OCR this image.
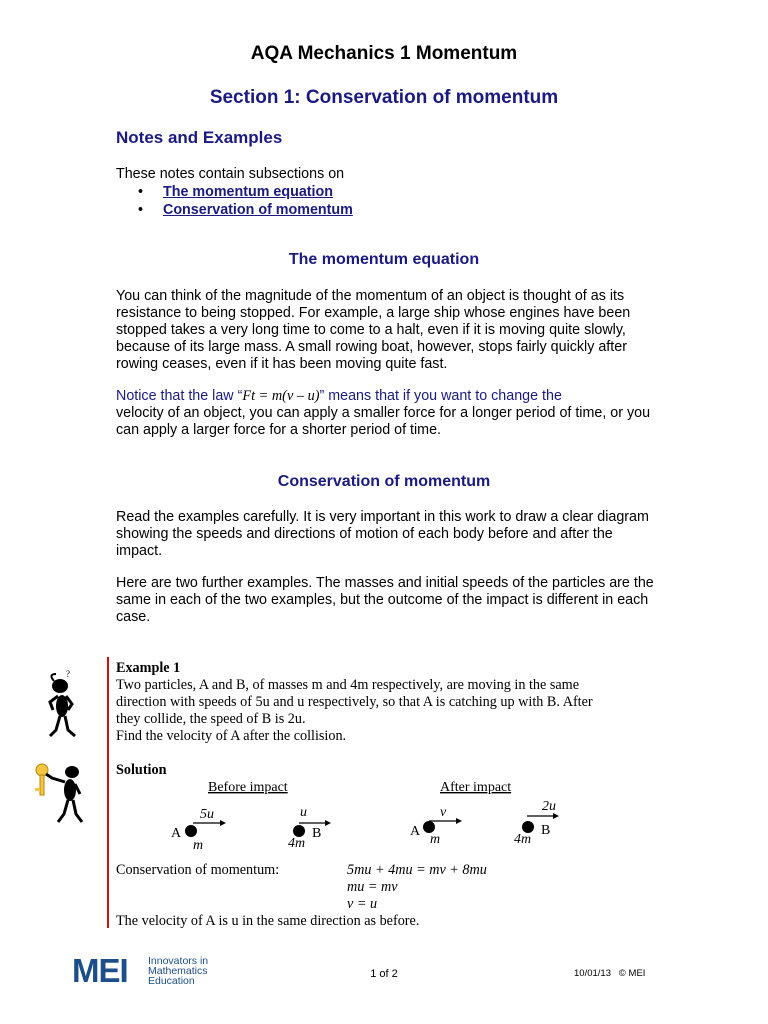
AQA Mechanics 1 Momentum
Section 1: Conservation of momentum
Notes and Examples

These notes contain subsections on

• The momentum equation
• Conservation of momentum
The momentum equation

You can think of the magnitude of the momentum of an object is thought of as its resistance to being stopped. For example, a large ship whose engines have been stopped takes a very long time to come to a halt, even if it is moving quite slowly, because of its large mass. A small rowing boat, however, stops fairly quickly after rowing ceases, even if it has been moving quite fast.

Notice that the law “Ft = m(v – u)” means that if you want to change the
velocity of an object, you can apply a smaller force for a longer period of time, or you can apply a larger force for a shorter period of time.

Conservation of momentum

Read the examples carefully. It is very important in this work to draw a clear diagram showing the speeds and directions of motion of each body before and after the impact.

Here are two further examples. The masses and initial speeds of the particles are the same in each of the two examples, but the outcome of the impact is different in each case.

?	Example 1
Two particles, A and B, of masses m and 4m respectively, are moving in the same
direction with speeds of 5u and u respectively, so that A is catching up with B. After
they collide, the speed of B is 2u.
Find the velocity of A after the collision.
Solution
Before impact	After impact
5u
A
m
u
B
4m
v
A
m
2u
B
4m
Conservation of momentum:	5mu + 4mu = mv + 8mu
mu = mv
v = u
The velocity of A is u in the same direction as before.
MEI Innovators in
Mathematics
Education
1 of 2	10/01/13 © MEI
